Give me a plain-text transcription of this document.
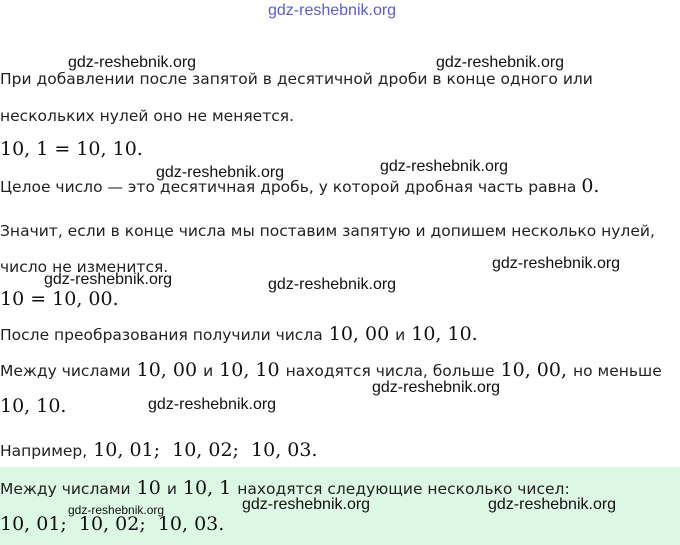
gdz-reshebnik.org
gdz-reshebnik.org	gdz-reshebnik.org
gdz-reshebnik.org	gdz-reshebnik.org
gdz-reshebnik.org
gdz-reshebnik.org	gdz-reshebnik.org
gdz-reshebnik.org
gdz-reshebnik.org
gdz-reshebnik.org	gdz-reshebnik.org	gdz-reshebnik.org
При добавлении после запятой в десятичной дроби в конце одного или
нескольких нулей оно не меняется.
10, 1 = 10, 10.
Целое число — это десятичная дробь, у которой дробная часть равна 0.
Значит, если в конце числа мы поставим запятую и допишем несколько нулей,
число не изменится.
10 = 10, 00.
После преобразования получили числа 10, 00 и 10, 10.
Между числами 10, 00 и 10, 10 находятся числа, больше 10, 00, но меньше
10, 10.
Например, 10, 01;  10, 02;  10, 03.
Между числами 10 и 10, 1 находятся следующие несколько чисел:
10, 01;  10, 02;  10, 03.
